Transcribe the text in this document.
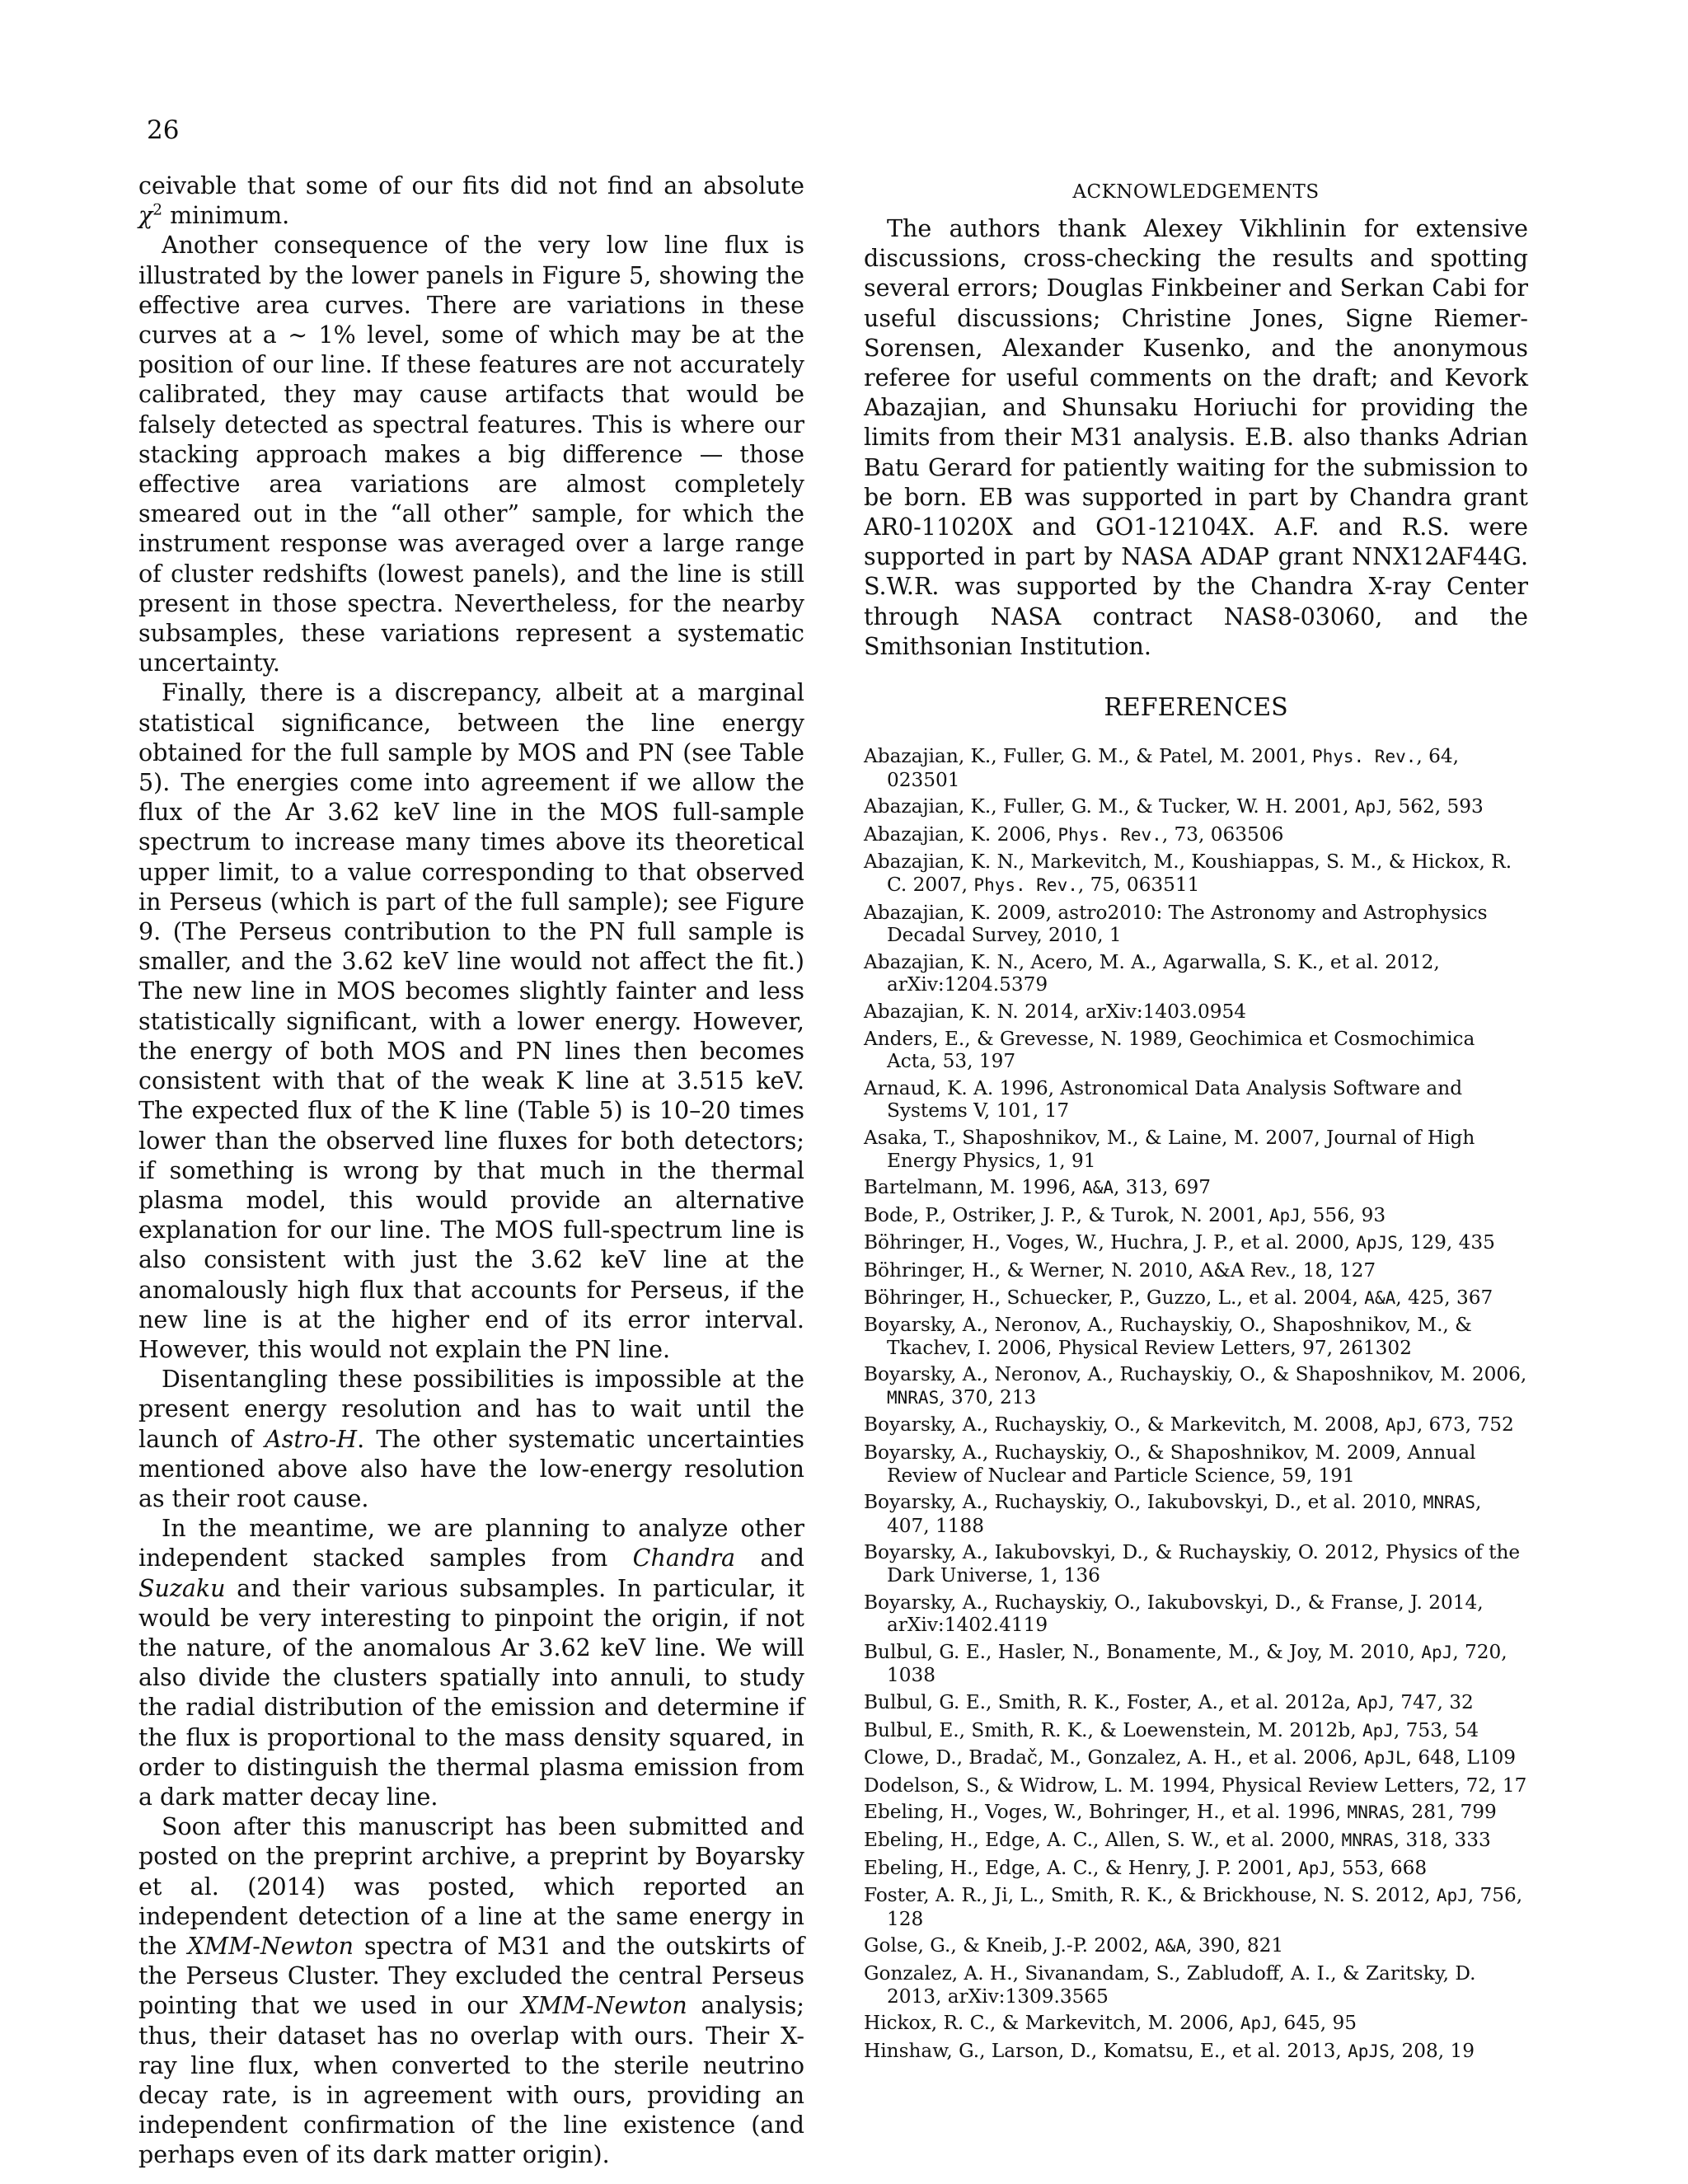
26

ceivable that some of our fits did not find an absolute $\chi^2$ minimum.

Another consequence of the very low line flux is illustrated by the lower panels in Figure 5, showing the effective area curves. There are variations in these curves at a ∼ 1% level, some of which may be at the position of our line. If these features are not accurately calibrated, they may cause artifacts that would be falsely detected as spectral features. This is where our stacking approach makes a big difference — those effective area variations are almost completely smeared out in the “all other” sample, for which the instrument response was averaged over a large range of cluster redshifts (lowest panels), and the line is still present in those spectra. Nevertheless, for the nearby subsamples, these variations represent a systematic uncertainty.

Finally, there is a discrepancy, albeit at a marginal statistical significance, between the line energy obtained for the full sample by MOS and PN (see Table 5). The energies come into agreement if we allow the flux of the Ar 3.62 keV line in the MOS full-sample spectrum to increase many times above its theoretical upper limit, to a value corresponding to that observed in Perseus (which is part of the full sample); see Figure 9. (The Perseus contribution to the PN full sample is smaller, and the 3.62 keV line would not affect the fit.) The new line in MOS becomes slightly fainter and less statistically significant, with a lower energy. However, the energy of both MOS and PN lines then becomes consistent with that of the weak K line at 3.515 keV. The expected flux of the K line (Table 5) is 10–20 times lower than the observed line fluxes for both detectors; if something is wrong by that much in the thermal plasma model, this would provide an alternative explanation for our line. The MOS full-spectrum line is also consistent with just the 3.62 keV line at the anomalously high flux that accounts for Perseus, if the new line is at the higher end of its error interval. However, this would not explain the PN line.

Disentangling these possibilities is impossible at the present energy resolution and has to wait until the launch of Astro-H. The other systematic uncertainties mentioned above also have the low-energy resolution as their root cause.

In the meantime, we are planning to analyze other independent stacked samples from Chandra and Suzaku and their various subsamples. In particular, it would be very interesting to pinpoint the origin, if not the nature, of the anomalous Ar 3.62 keV line. We will also divide the clusters spatially into annuli, to study the radial distribution of the emission and determine if the flux is proportional to the mass density squared, in order to distinguish the thermal plasma emission from a dark matter decay line.

Soon after this manuscript has been submitted and posted on the preprint archive, a preprint by Boyarsky et al. (2014) was posted, which reported an independent detection of a line at the same energy in the XMM-Newton spectra of M31 and the outskirts of the Perseus Cluster. They excluded the central Perseus pointing that we used in our XMM-Newton analysis; thus, their dataset has no overlap with ours. Their X-ray line flux, when converted to the sterile neutrino decay rate, is in agreement with ours, providing an independent confirmation of the line existence (and perhaps even of its dark matter origin).

ACKNOWLEDGEMENTS

The authors thank Alexey Vikhlinin for extensive discussions, cross-checking the results and spotting several errors; Douglas Finkbeiner and Serkan Cabi for useful discussions; Christine Jones, Signe Riemer-Sorensen, Alexander Kusenko, and the anonymous referee for useful comments on the draft; and Kevork Abazajian, and Shunsaku Horiuchi for providing the limits from their M31 analysis. E.B. also thanks Adrian Batu Gerard for patiently waiting for the submission to be born. EB was supported in part by Chandra grant AR0-11020X and GO1-12104X. A.F. and R.S. were supported in part by NASA ADAP grant NNX12AF44G. S.W.R. was supported by the Chandra X-ray Center through NASA contract NAS8-03060, and the Smithsonian Institution.

REFERENCES
Abazajian, K., Fuller, G. M., & Patel, M. 2001, Phys. Rev., 64, 023501
Abazajian, K., Fuller, G. M., & Tucker, W. H. 2001, ApJ, 562, 593
Abazajian, K. 2006, Phys. Rev., 73, 063506
Abazajian, K. N., Markevitch, M., Koushiappas, S. M., & Hickox, R. C. 2007, Phys. Rev., 75, 063511
Abazajian, K. 2009, astro2010: The Astronomy and Astrophysics Decadal Survey, 2010, 1
Abazajian, K. N., Acero, M. A., Agarwalla, S. K., et al. 2012, arXiv:1204.5379
Abazajian, K. N. 2014, arXiv:1403.0954
Anders, E., & Grevesse, N. 1989, Geochimica et Cosmochimica Acta, 53, 197
Arnaud, K. A. 1996, Astronomical Data Analysis Software and Systems V, 101, 17
Asaka, T., Shaposhnikov, M., & Laine, M. 2007, Journal of High Energy Physics, 1, 91
Bartelmann, M. 1996, A&A, 313, 697
Bode, P., Ostriker, J. P., & Turok, N. 2001, ApJ, 556, 93
Böhringer, H., Voges, W., Huchra, J. P., et al. 2000, ApJS, 129, 435
Böhringer, H., & Werner, N. 2010, A&A Rev., 18, 127
Böhringer, H., Schuecker, P., Guzzo, L., et al. 2004, A&A, 425, 367
Boyarsky, A., Neronov, A., Ruchayskiy, O., Shaposhnikov, M., & Tkachev, I. 2006, Physical Review Letters, 97, 261302
Boyarsky, A., Neronov, A., Ruchayskiy, O., & Shaposhnikov, M. 2006, MNRAS, 370, 213
Boyarsky, A., Ruchayskiy, O., & Markevitch, M. 2008, ApJ, 673, 752
Boyarsky, A., Ruchayskiy, O., & Shaposhnikov, M. 2009, Annual Review of Nuclear and Particle Science, 59, 191
Boyarsky, A., Ruchayskiy, O., Iakubovskyi, D., et al. 2010, MNRAS, 407, 1188
Boyarsky, A., Iakubovskyi, D., & Ruchayskiy, O. 2012, Physics of the Dark Universe, 1, 136
Boyarsky, A., Ruchayskiy, O., Iakubovskyi, D., & Franse, J. 2014, arXiv:1402.4119
Bulbul, G. E., Hasler, N., Bonamente, M., & Joy, M. 2010, ApJ, 720, 1038
Bulbul, G. E., Smith, R. K., Foster, A., et al. 2012a, ApJ, 747, 32
Bulbul, E., Smith, R. K., & Loewenstein, M. 2012b, ApJ, 753, 54
Clowe, D., Bradač, M., Gonzalez, A. H., et al. 2006, ApJL, 648, L109
Dodelson, S., & Widrow, L. M. 1994, Physical Review Letters, 72, 17
Ebeling, H., Voges, W., Bohringer, H., et al. 1996, MNRAS, 281, 799
Ebeling, H., Edge, A. C., Allen, S. W., et al. 2000, MNRAS, 318, 333
Ebeling, H., Edge, A. C., & Henry, J. P. 2001, ApJ, 553, 668
Foster, A. R., Ji, L., Smith, R. K., & Brickhouse, N. S. 2012, ApJ, 756, 128
Golse, G., & Kneib, J.-P. 2002, A&A, 390, 821
Gonzalez, A. H., Sivanandam, S., Zabludoff, A. I., & Zaritsky, D. 2013, arXiv:1309.3565
Hickox, R. C., & Markevitch, M. 2006, ApJ, 645, 95
Hinshaw, G., Larson, D., Komatsu, E., et al. 2013, ApJS, 208, 19
